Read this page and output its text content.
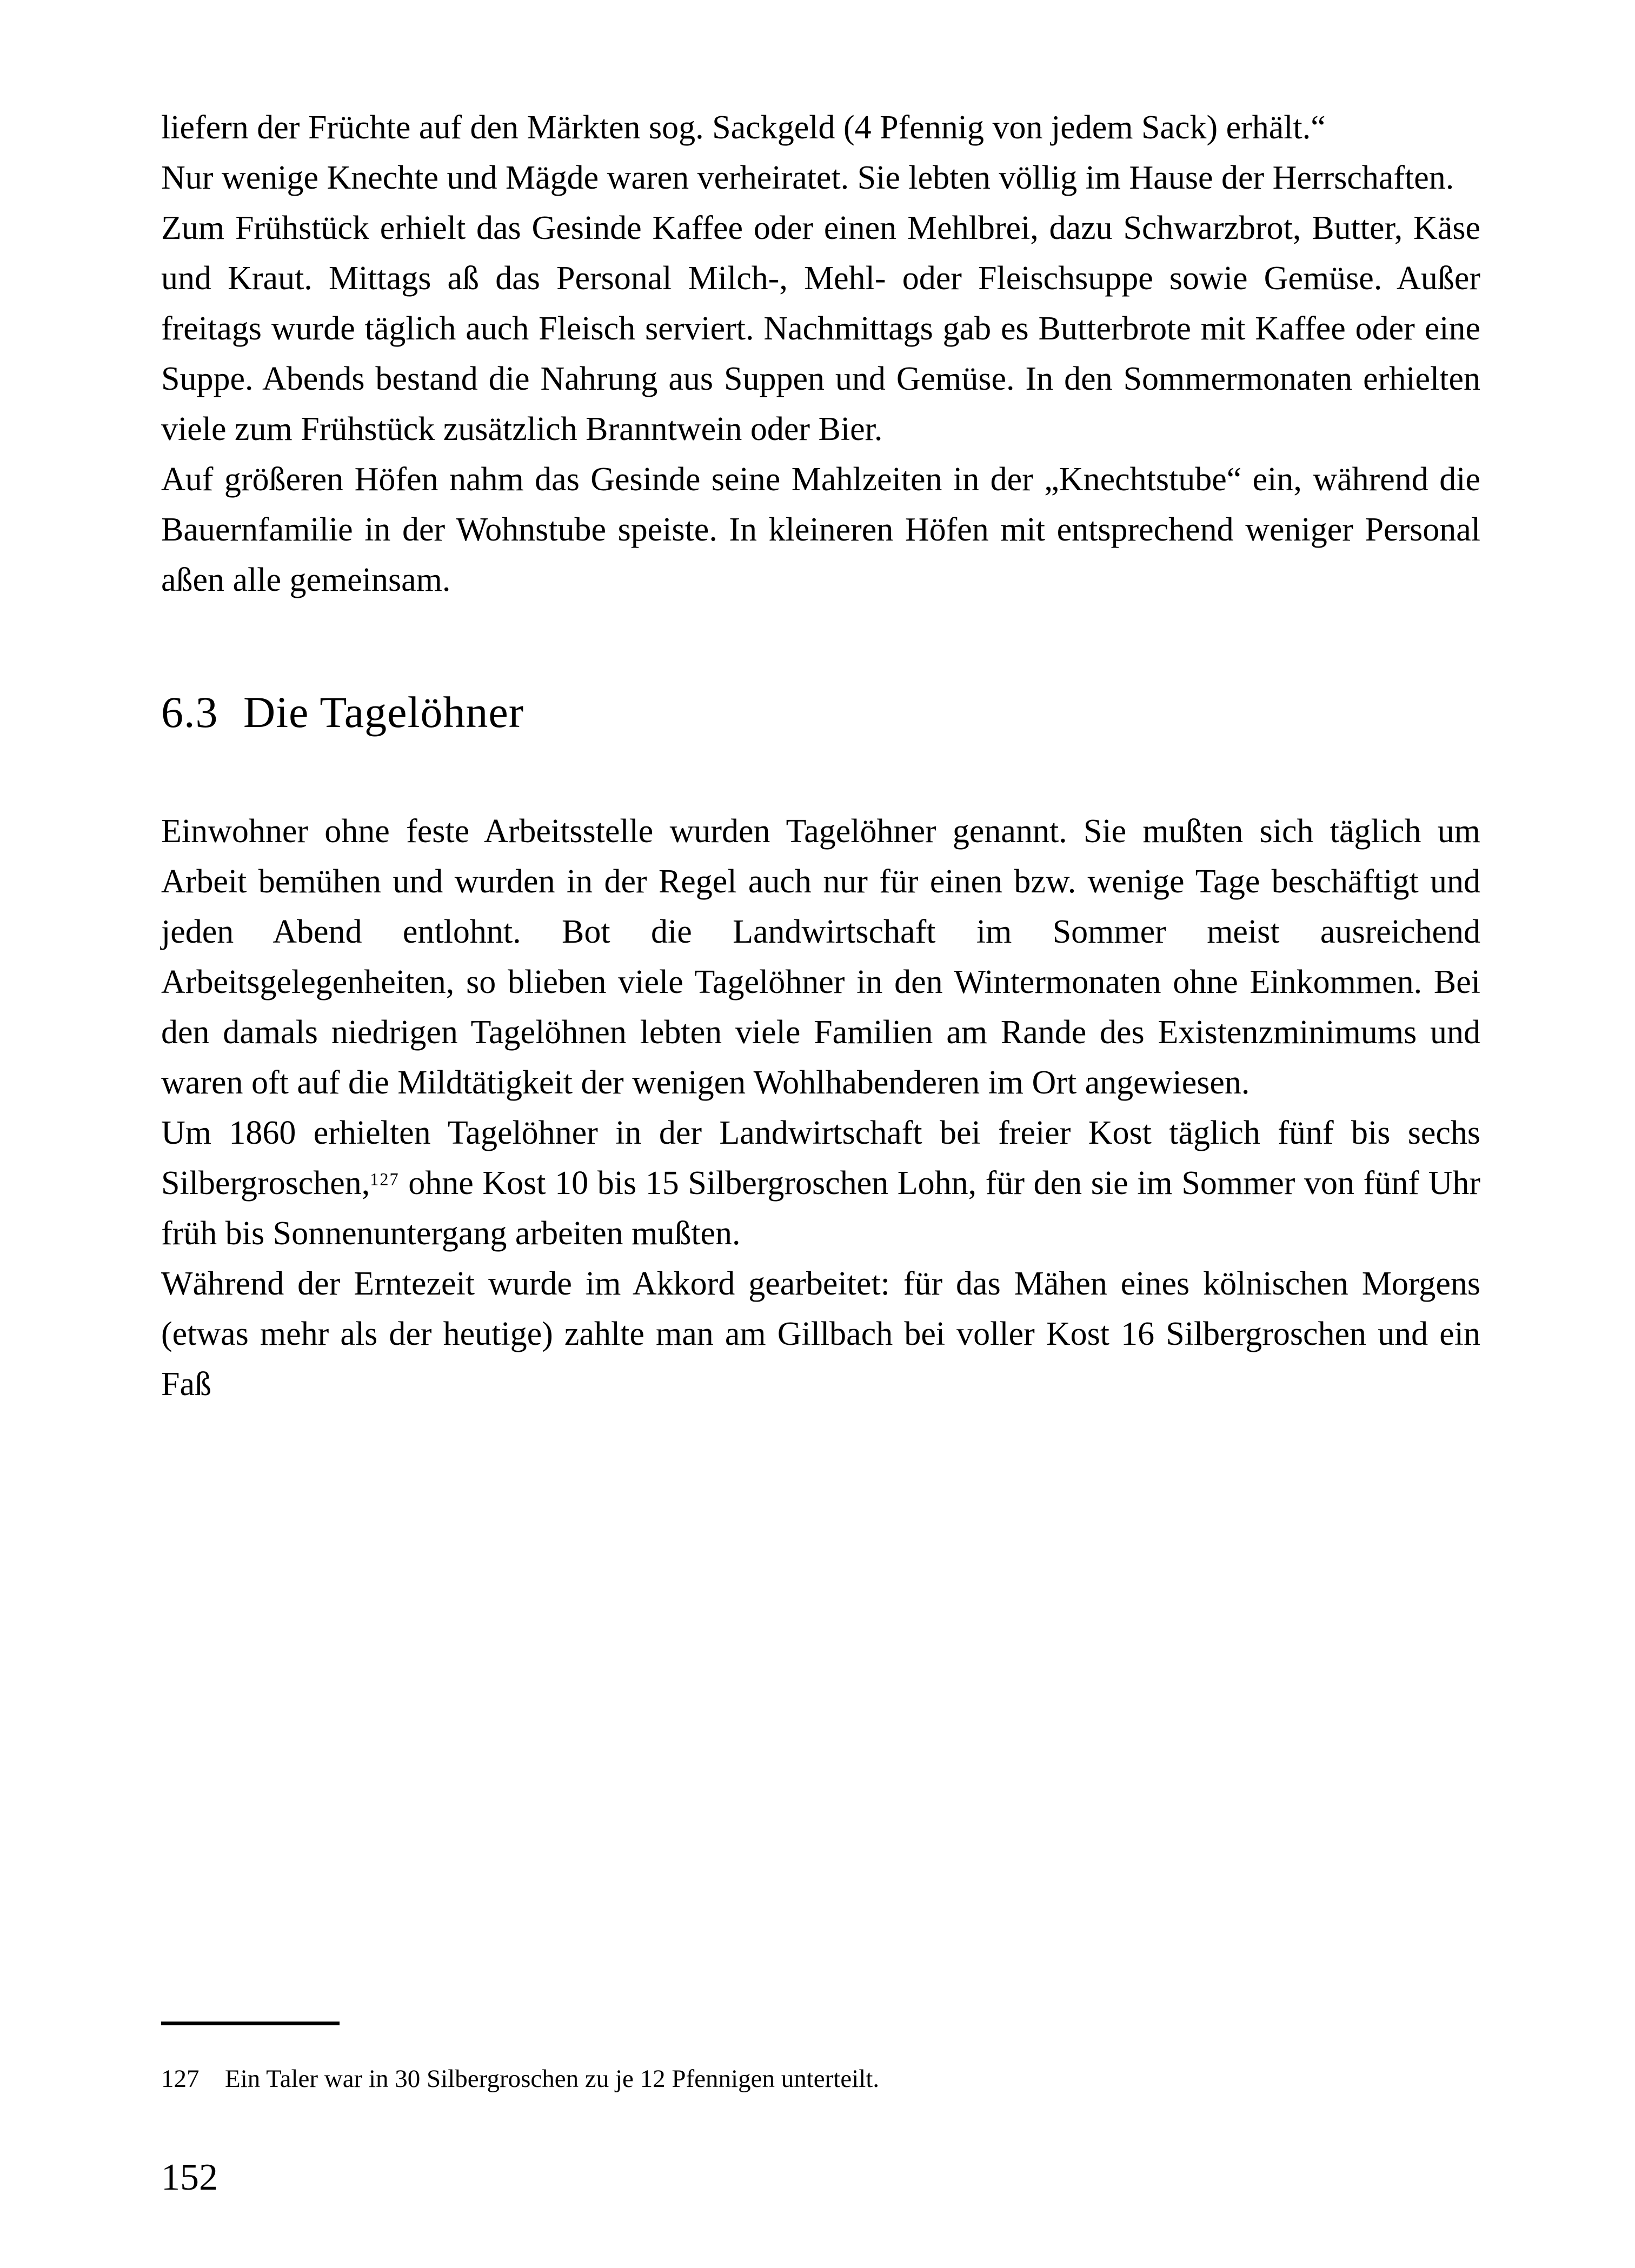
liefern der Früchte auf den Märkten sog. Sackgeld (4 Pfennig von jedem Sack) erhält.“

Nur wenige Knechte und Mägde waren verheiratet. Sie lebten völlig im Hause der Herrschaften.

Zum Frühstück erhielt das Gesinde Kaffee oder einen Mehlbrei, dazu Schwarzbrot, Butter, Käse und Kraut. Mittags aß das Personal Milch-, Mehl- oder Fleischsuppe sowie Gemüse. Außer freitags wurde täglich auch Fleisch serviert. Nachmittags gab es Butterbrote mit Kaffee oder eine Suppe. Abends bestand die Nahrung aus Suppen und Gemüse. In den Sommermonaten erhielten viele zum Frühstück zusätzlich Branntwein oder Bier.

Auf größeren Höfen nahm das Gesinde seine Mahlzeiten in der „Knechtstube“ ein, während die Bauernfamilie in der Wohnstube speiste. In kleineren Höfen mit entsprechend weniger Personal aßen alle gemeinsam.

6.3 Die Tagelöhner

Einwohner ohne feste Arbeitsstelle wurden Tagelöhner genannt. Sie mußten sich täglich um Arbeit bemühen und wurden in der Regel auch nur für einen bzw. wenige Tage beschäftigt und jeden Abend entlohnt. Bot die Landwirtschaft im Sommer meist ausreichend Arbeitsgelegenheiten, so blieben viele Tagelöhner in den Wintermonaten ohne Einkommen. Bei den damals niedrigen Tagelöhnen lebten viele Familien am Rande des Existenzminimums und waren oft auf die Mildtätigkeit der wenigen Wohlhabenderen im Ort angewiesen.

Um 1860 erhielten Tagelöhner in der Landwirtschaft bei freier Kost täglich fünf bis sechs Silbergroschen,$^{127}$ ohne Kost 10 bis 15 Silbergroschen Lohn, für den sie im Sommer von fünf Uhr früh bis Sonnenuntergang arbeiten mußten.

Während der Erntezeit wurde im Akkord gearbeitet: für das Mähen eines kölnischen Morgens (etwas mehr als der heutige) zahlte man am Gillbach bei voller Kost 16 Silbergroschen und ein Faß

127 Ein Taler war in 30 Silbergroschen zu je 12 Pfennigen unterteilt.

152
